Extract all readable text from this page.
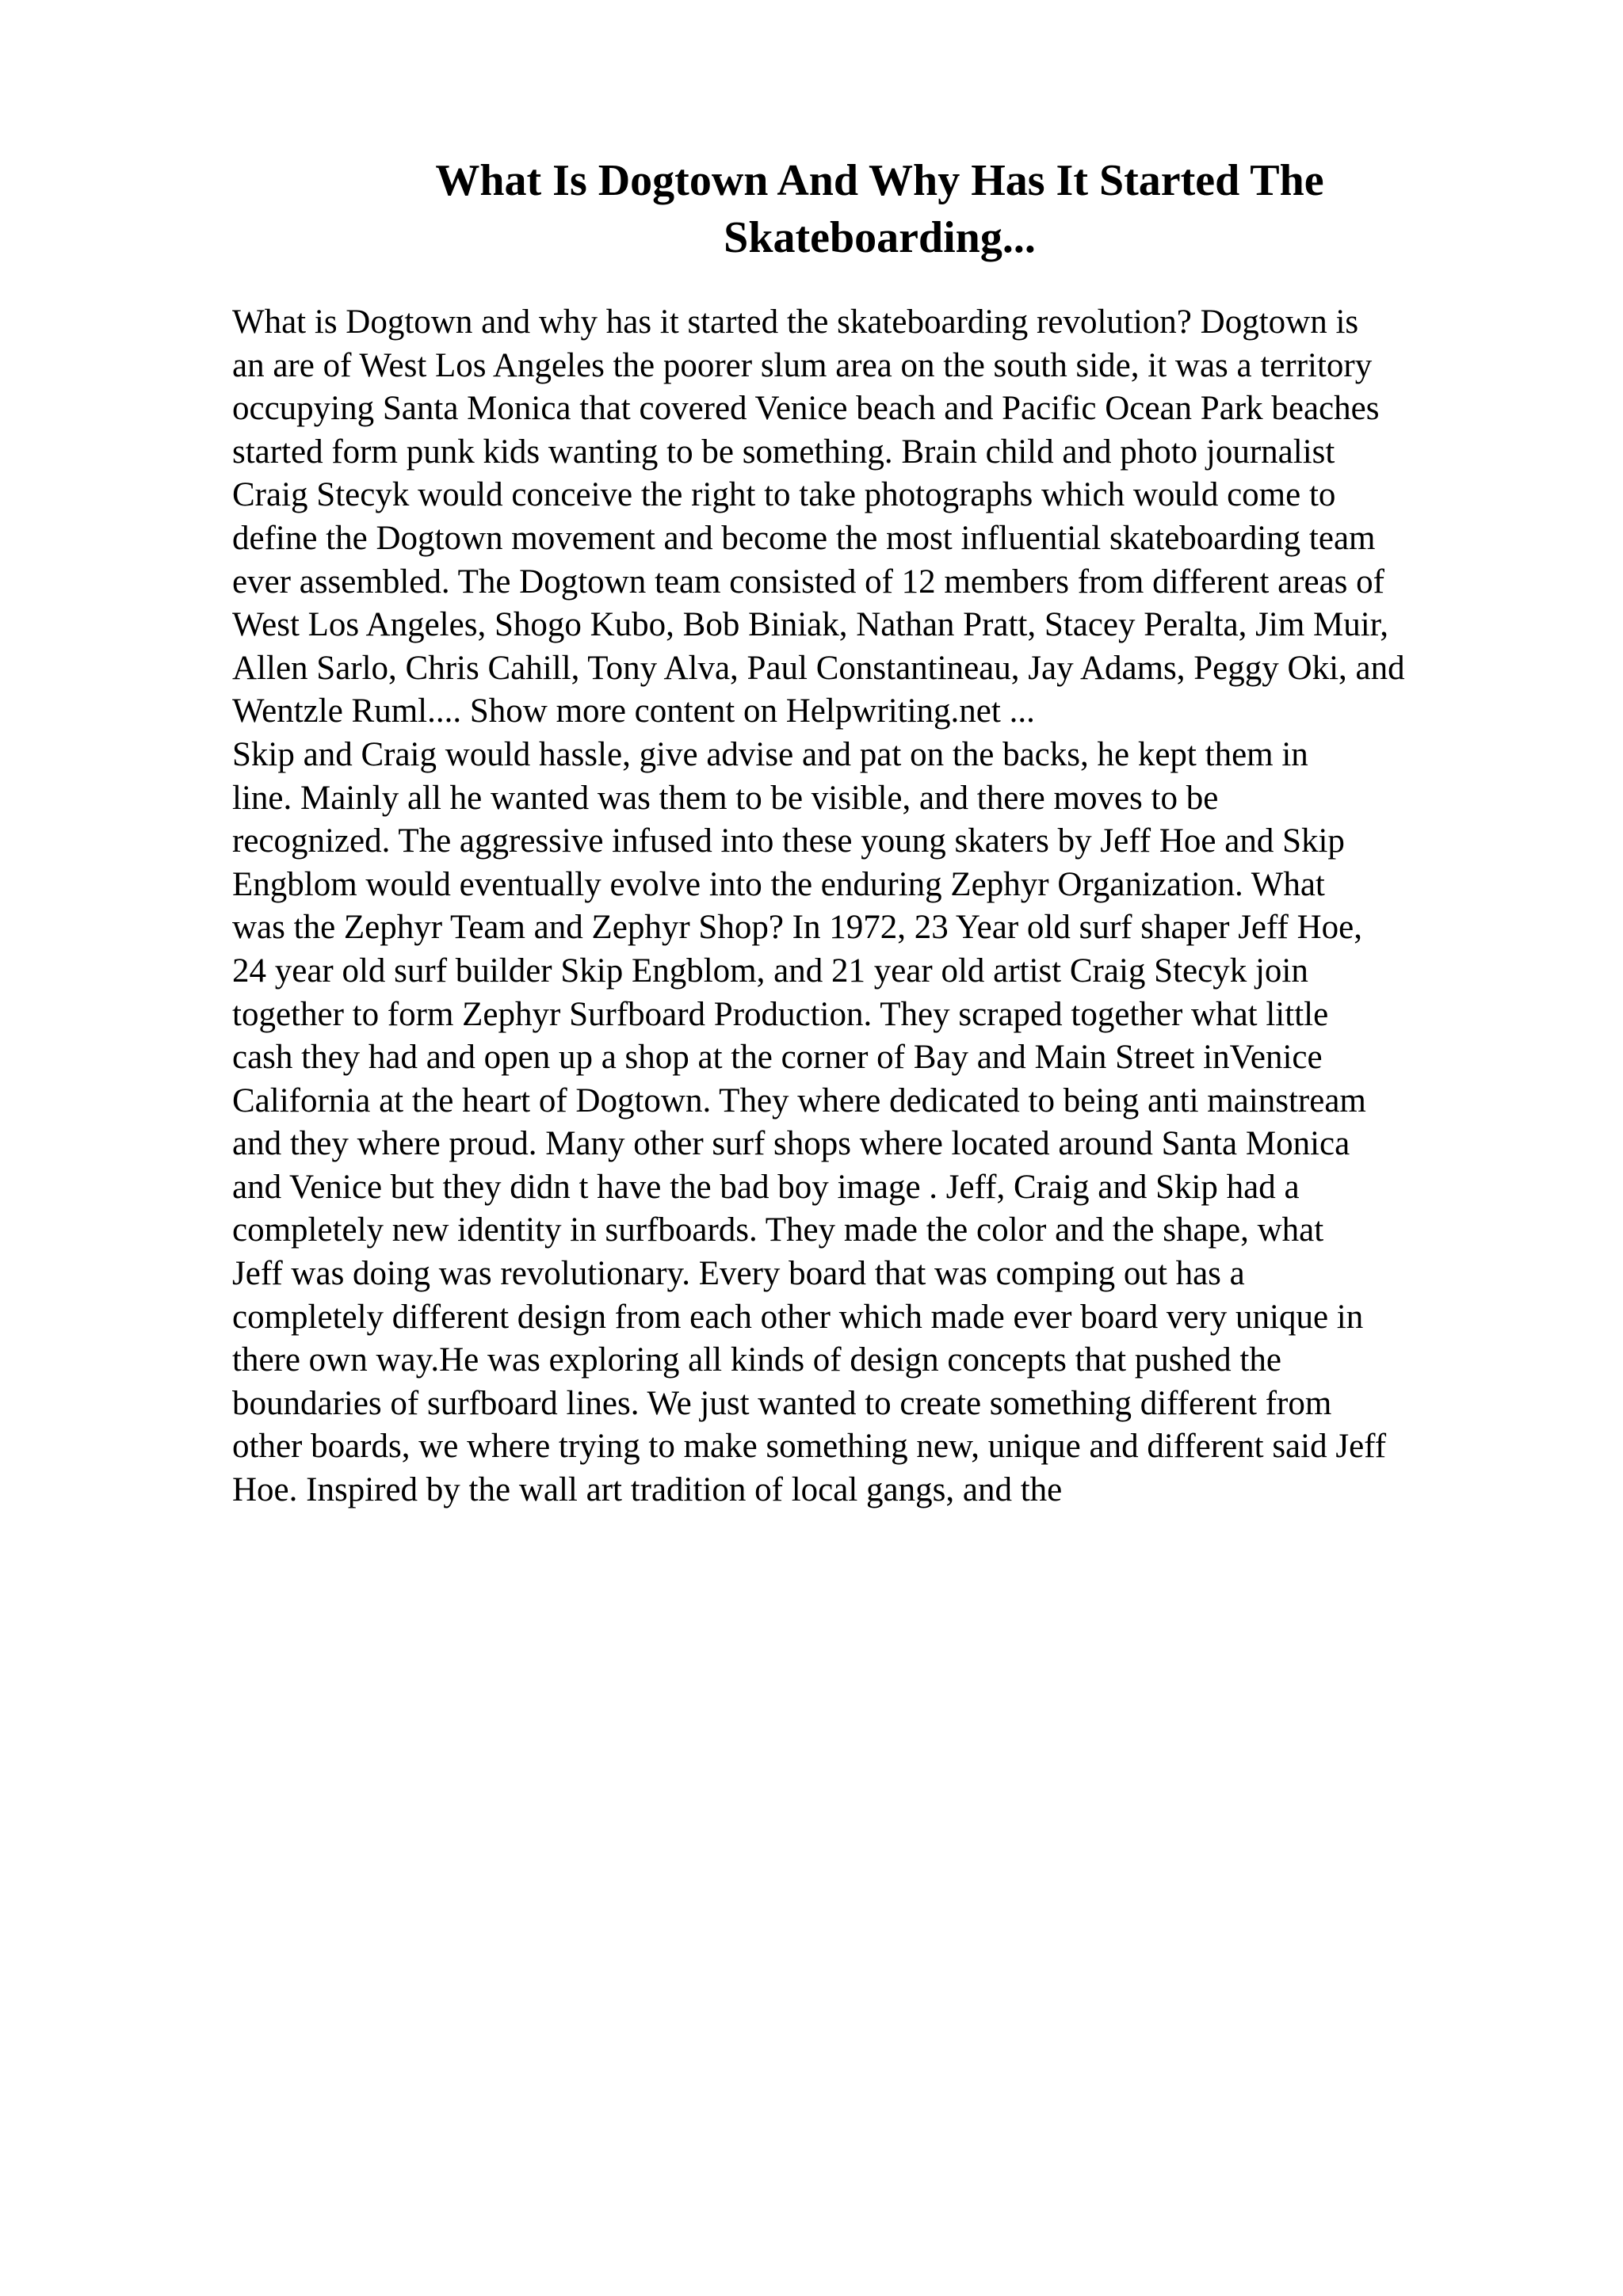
What Is Dogtown And Why Has It Started The
Skateboarding...
What is Dogtown and why has it started the skateboarding revolution? Dogtown is
an are of West Los Angeles the poorer slum area on the south side, it was a territory
occupying Santa Monica that covered Venice beach and Pacific Ocean Park beaches
started form punk kids wanting to be something. Brain child and photo journalist
Craig Stecyk would conceive the right to take photographs which would come to
define the Dogtown movement and become the most influential skateboarding team
ever assembled. The Dogtown team consisted of 12 members from different areas of
West Los Angeles, Shogo Kubo, Bob Biniak, Nathan Pratt, Stacey Peralta, Jim Muir,
Allen Sarlo, Chris Cahill, Tony Alva, Paul Constantineau, Jay Adams, Peggy Oki, and
Wentzle Ruml.... Show more content on Helpwriting.net ...
Skip and Craig would hassle, give advise and pat on the backs, he kept them in
line. Mainly all he wanted was them to be visible, and there moves to be
recognized. The aggressive infused into these young skaters by Jeff Hoe and Skip
Engblom would eventually evolve into the enduring Zephyr Organization. What
was the Zephyr Team and Zephyr Shop? In 1972, 23 Year old surf shaper Jeff Hoe,
24 year old surf builder Skip Engblom, and 21 year old artist Craig Stecyk join
together to form Zephyr Surfboard Production. They scraped together what little
cash they had and open up a shop at the corner of Bay and Main Street inVenice
California at the heart of Dogtown. They where dedicated to being anti mainstream
and they where proud. Many other surf shops where located around Santa Monica
and Venice but they didn t have the bad boy image . Jeff, Craig and Skip had a
completely new identity in surfboards. They made the color and the shape, what
Jeff was doing was revolutionary. Every board that was comping out has a
completely different design from each other which made ever board very unique in
there own way.He was exploring all kinds of design concepts that pushed the
boundaries of surfboard lines. We just wanted to create something different from
other boards, we where trying to make something new, unique and different said Jeff
Hoe. Inspired by the wall art tradition of local gangs, and the
